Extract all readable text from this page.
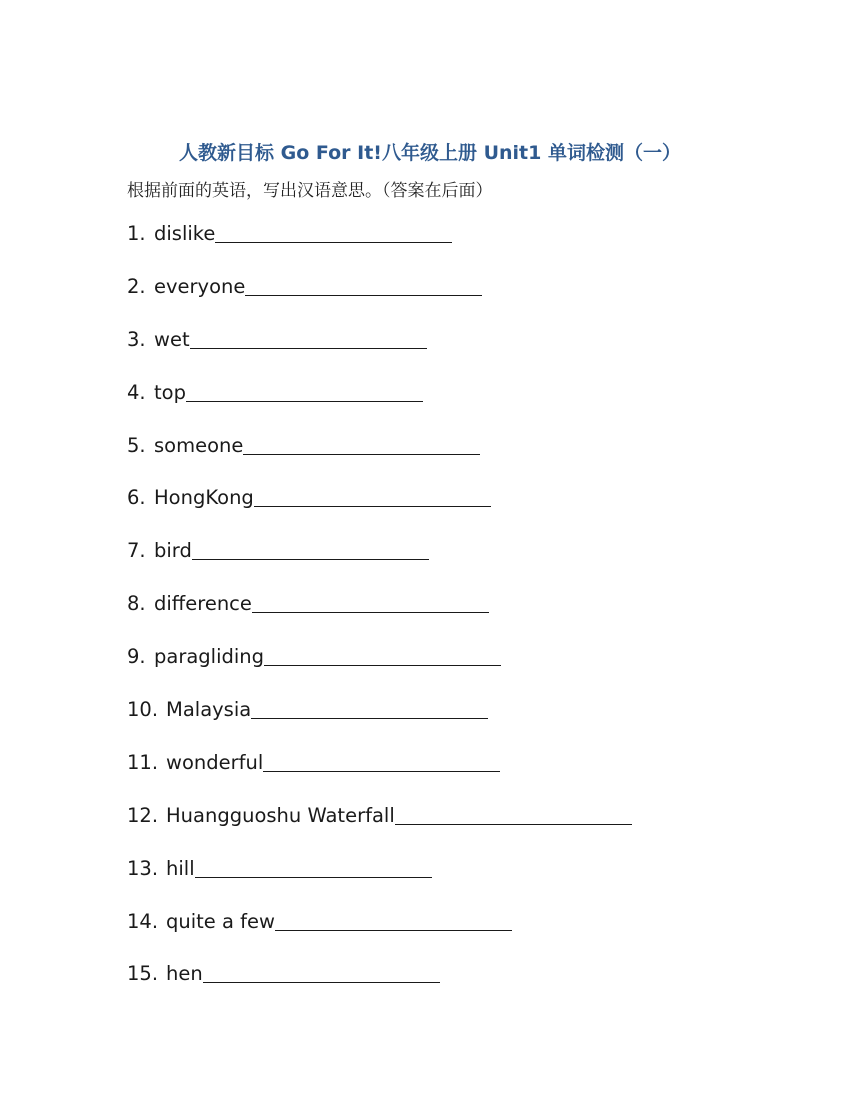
人教新目标 Go For It!八年级上册 Unit1 单词检测（一）
根据前面的英语，写出汉语意思。（答案在后面）
1. dislike
2. everyone
3. wet
4. top
5. someone
6. HongKong
7. bird
8. difference
9. paragliding
10. Malaysia
11. wonderful
12. Huangguoshu Waterfall
13. hill
14. quite a few
15. hen
